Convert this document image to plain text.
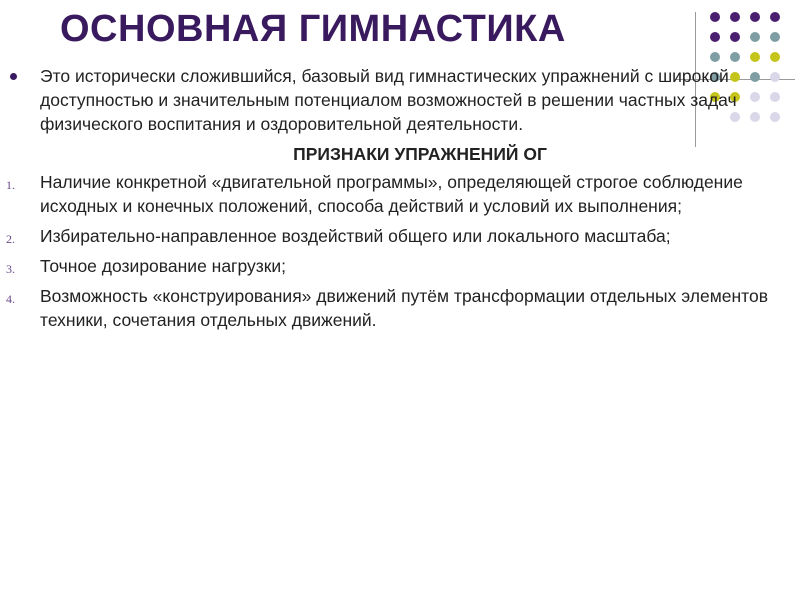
ОСНОВНАЯ ГИМНАСТИКА

Это исторически сложившийся, базовый вид гимнастических упражнений с широкой доступностью и значительным потенциалом возможностей в решении частных задач физического воспитания и оздоровительной деятельности.

ПРИЗНАКИ УПРАЖНЕНИЙ ОГ
1. Наличие конкретной «двигательной программы», определяющей строгое соблюдение исходных и конечных положений, способа действий и условий их выполнения;
2. Избирательно-направленное воздействий общего или локального масштаба;
3. Точное дозирование нагрузки;
4. Возможность «конструирования» движений путём трансформации отдельных элементов техники, сочетания отдельных движений.
